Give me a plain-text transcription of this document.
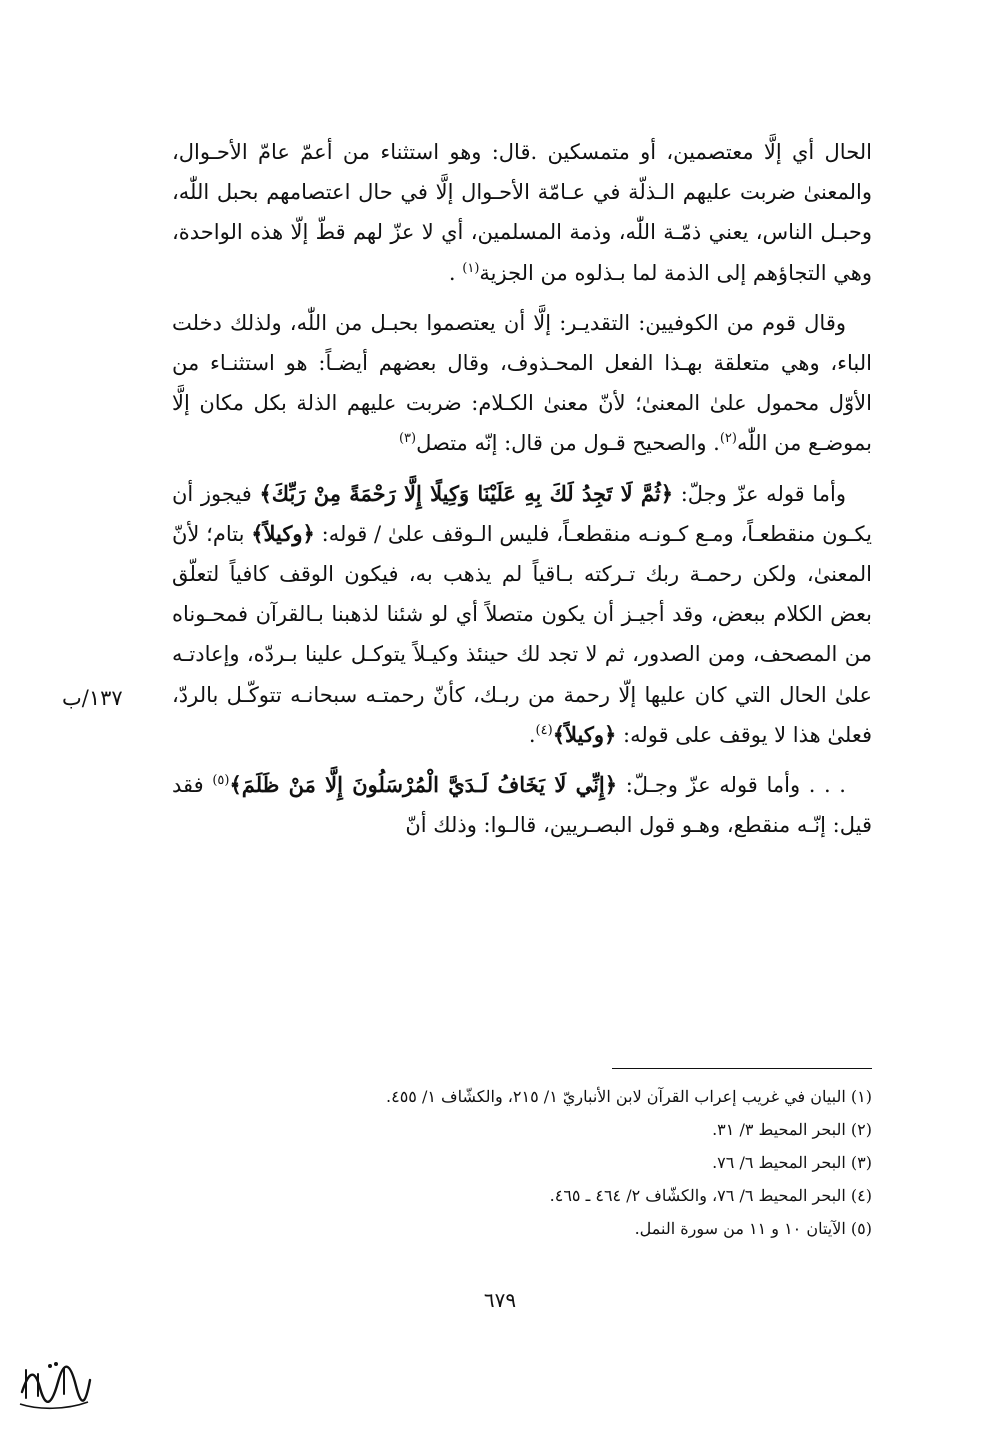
الحال أي إلَّا معتصمين، أو متمسكين .قال: وهو استثناء من أعمّ عامّ الأحـوال، والمعنىٰ ضربت عليهم الـذلّة في عـامّة الأحـوال إلَّا في حال اعتصامهم بحبل اللّٰه، وحبـل الناس، يعني ذمّـة اللّٰه، وذمة المسلمين، أي لا عزّ لهم قطّ إلّا هذه الواحدة، وهي التجاؤهم إلى الذمة لما بـذلوه من الجزية$^{(١)}$ .

وقال قوم من الكوفيين: التقديـر: إلَّا أن يعتصموا بحبـل من اللّٰه، ولذلك دخلت الباء، وهي متعلقة بهـذا الفعل المحـذوف، وقال بعضهم أيضـاً: هو استثنـاء من الأوّل محمول علىٰ المعنىٰ؛ لأنّ معنىٰ الكـلام: ضربت عليهم الذلة بكل مكان إلَّا بموضـع من اللّٰه$^{(٢)}$. والصحيح قـول من قال: إنّه متصل$^{(٣)}$

وأما قوله عزّ وجلّ: ﴿ثُمَّ لَا تَجِدُ لَكَ بِهِ عَلَيْنَا وَكِيلًا إِلَّا رَحْمَةً مِنْ رَبِّكَ﴾ فيجوز أن يكـون منقطعـاً، ومـع كـونـه منقطعـاً، فليس الـوقف علىٰ / قوله: ﴿وكيلاً﴾ بتام؛ لأنّ المعنىٰ، ولكن رحمـة ربك تـركته بـاقياً لم يذهب به، فيكون الوقف كافياً لتعلّق بعض الكلام ببعض، وقد أجيـز أن يكون متصلاً أي لو شئنا لذهبنا بـالقرآن فمحـوناه من المصحف، ومن الصدور، ثم لا تجد لك حينئذ وكيـلاً يتوكـل علينا بـردّه، وإعادتـه علىٰ الحال التي كان عليها إلّا رحمة من ربـك، كأنّ رحمتـه سبحانـه تتوكّـل بالردّ، فعلىٰ هذا لا يوقف على قوله: ﴿وكيلاً﴾$^{(٤)}$.

. . . وأما قوله عزّ وجـلّ: ﴿إِنِّي لَا يَخَافُ لَـدَيَّ الْمُرْسَلُونَ إِلَّا مَنْ ظَلَمَ﴾$^{(٥)}$ فقد قيل: إنّـه منقطع، وهـو قول البصـريين، قالـوا: وذلك أنّ

١٣٧/ب
(١) البيان في غريب إعراب القرآن لابن الأنباريّ ١/ ٢١٥، والكشّاف ١/ ٤٥٥.
(٢) البحر المحيط ٣/ ٣١.
(٣) البحر المحيط ٦/ ٧٦.
(٤) البحر المحيط ٦/ ٧٦، والكشّاف ٢/ ٤٦٤ ـ ٤٦٥.
(٥) الآيتان ١٠ و ١١ من سورة النمل.
٦٧٩
